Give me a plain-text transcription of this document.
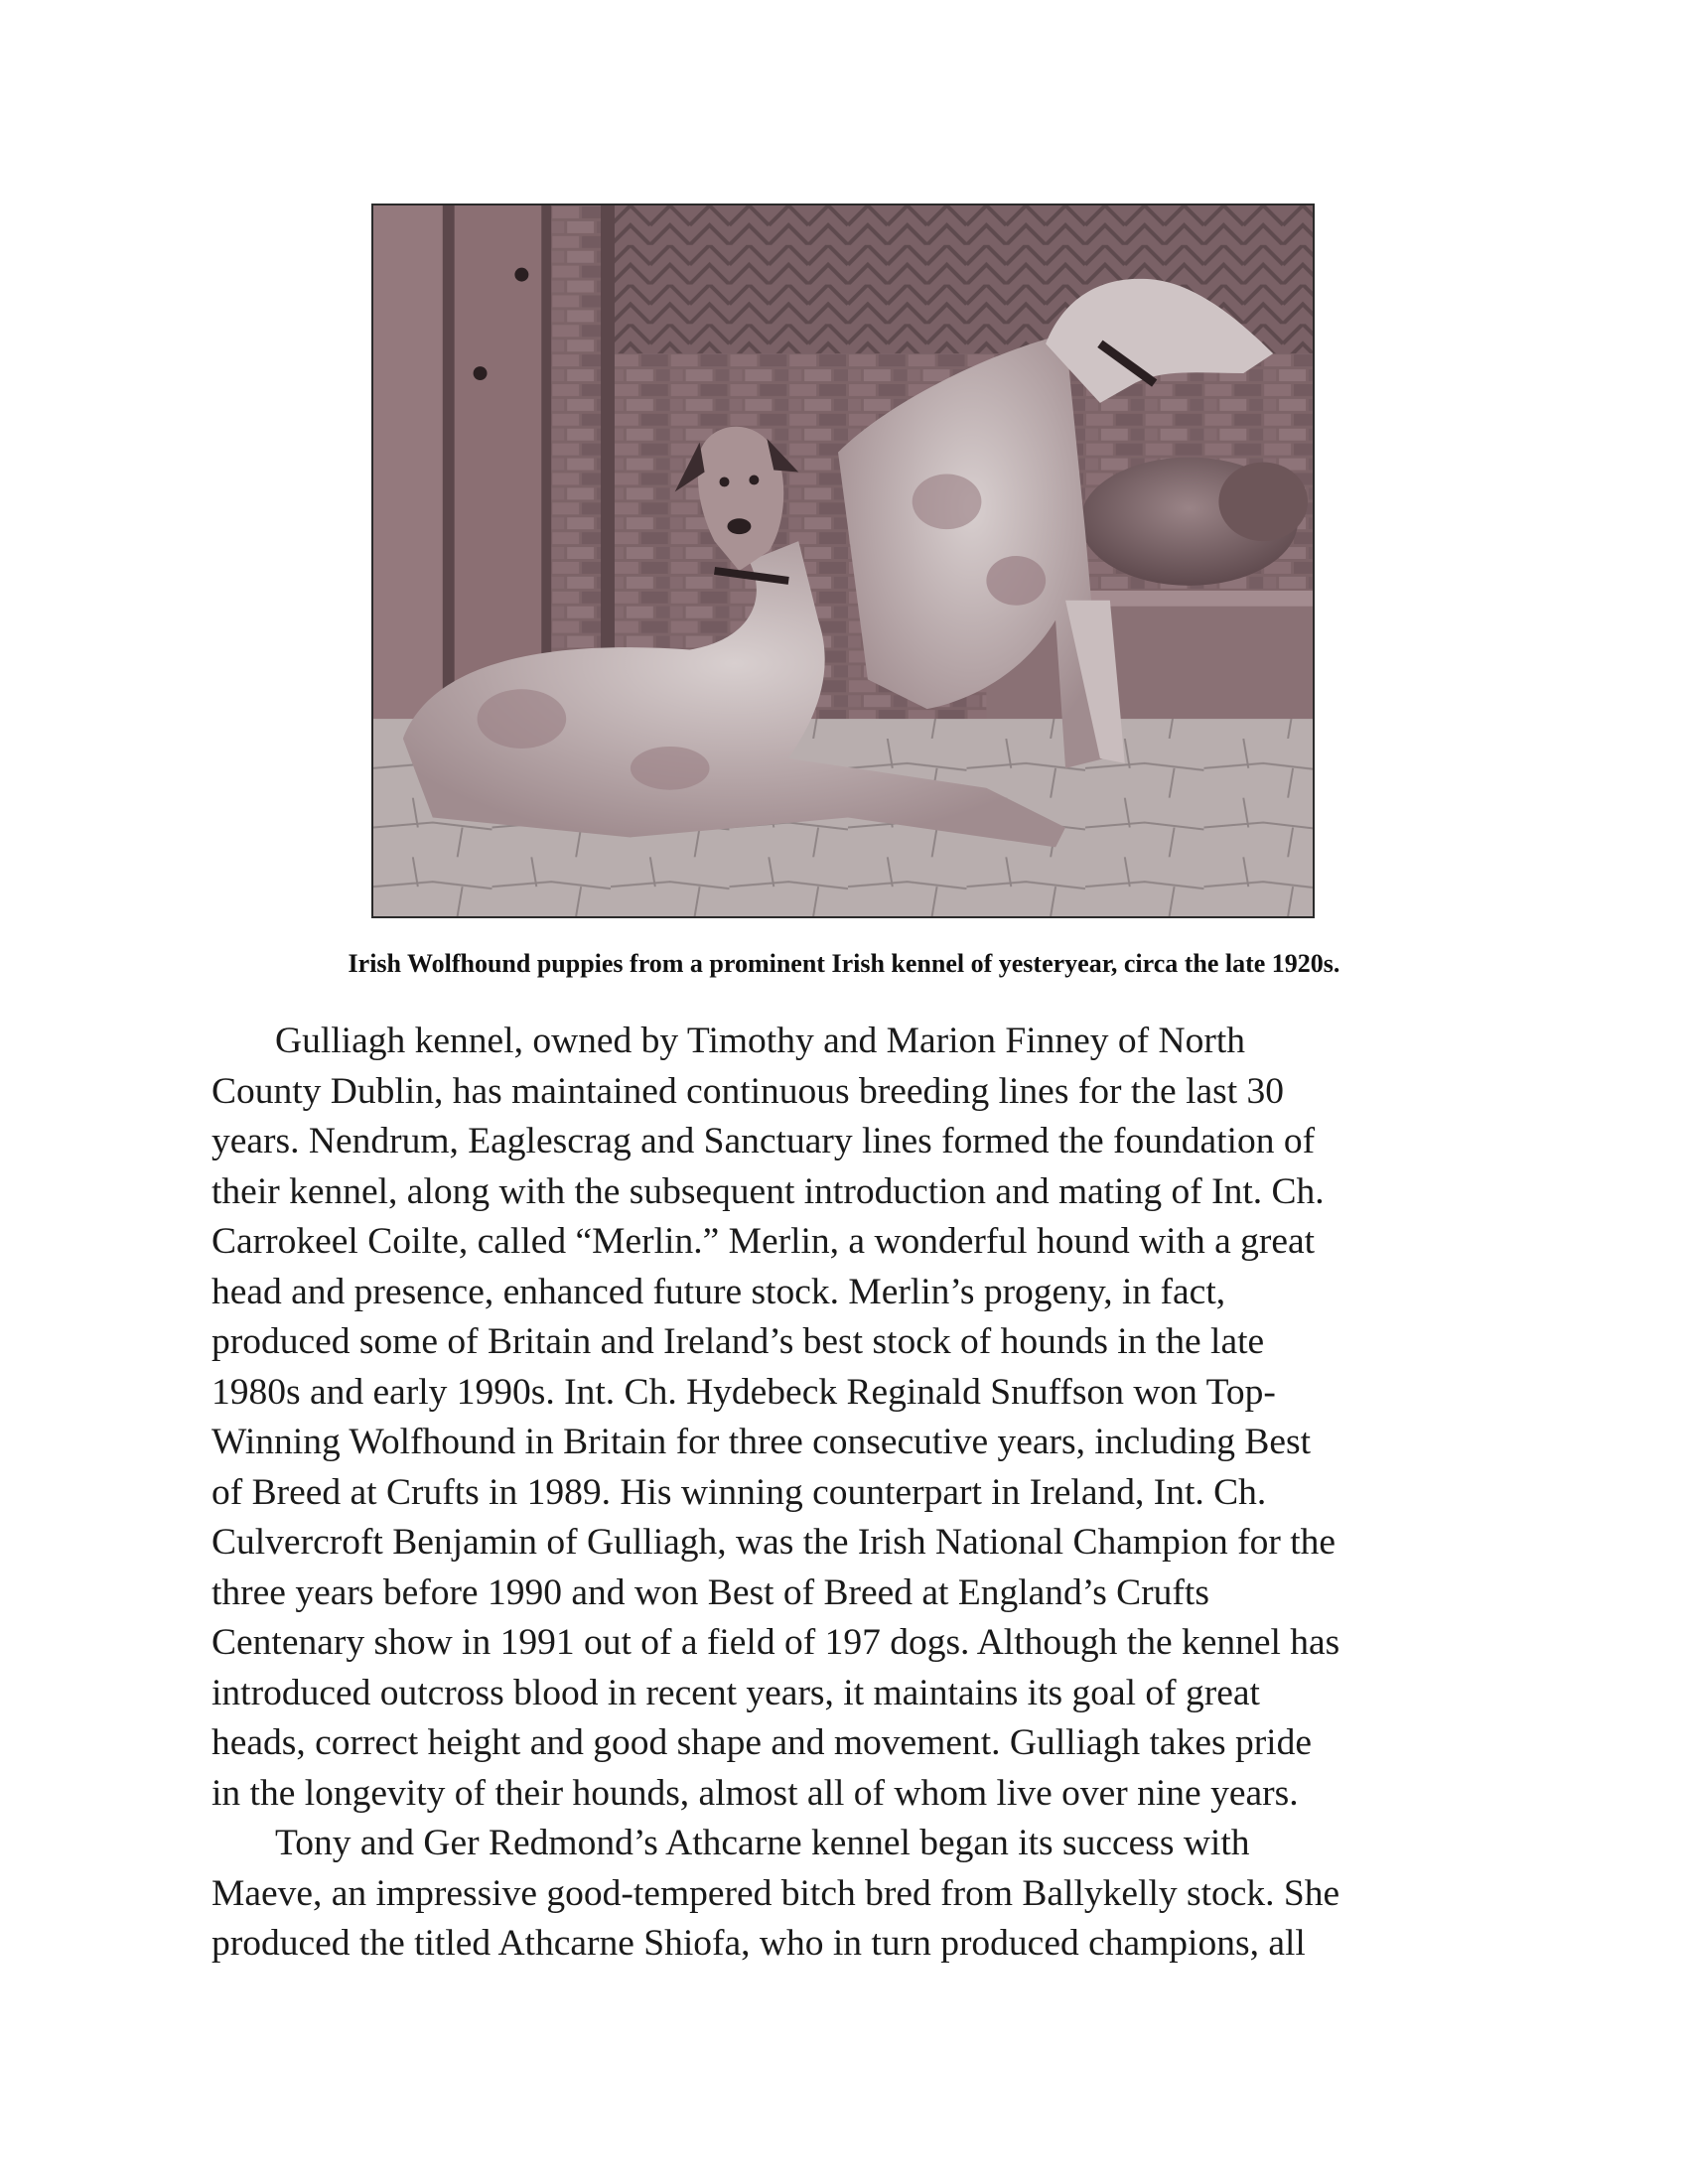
Irish Wolfhound puppies from a prominent Irish kennel of yesteryear, circa the late 1920s.

Gulliagh kennel, owned by Timothy and Marion Finney of North
County Dublin, has maintained continuous breeding lines for the last 30
years. Nendrum, Eaglescrag and Sanctuary lines formed the foundation of
their kennel, along with the subsequent introduction and mating of Int. Ch.
Carrokeel Coilte, called “Merlin.” Merlin, a wonderful hound with a great
head and presence, enhanced future stock. Merlin’s progeny, in fact,
produced some of Britain and Ireland’s best stock of hounds in the late
1980s and early 1990s. Int. Ch. Hydebeck Reginald Snuffson won Top-
Winning Wolfhound in Britain for three consecutive years, including Best
of Breed at Crufts in 1989. His winning counterpart in Ireland, Int. Ch.
Culvercroft Benjamin of Gulliagh, was the Irish National Champion for the
three years before 1990 and won Best of Breed at England’s Crufts
Centenary show in 1991 out of a field of 197 dogs. Although the kennel has
introduced outcross blood in recent years, it maintains its goal of great
heads, correct height and good shape and movement. Gulliagh takes pride
in the longevity of their hounds, almost all of whom live over nine years.

Tony and Ger Redmond’s Athcarne kennel began its success with
Maeve, an impressive good-tempered bitch bred from Ballykelly stock. She
produced the titled Athcarne Shiofa, who in turn produced champions, all
